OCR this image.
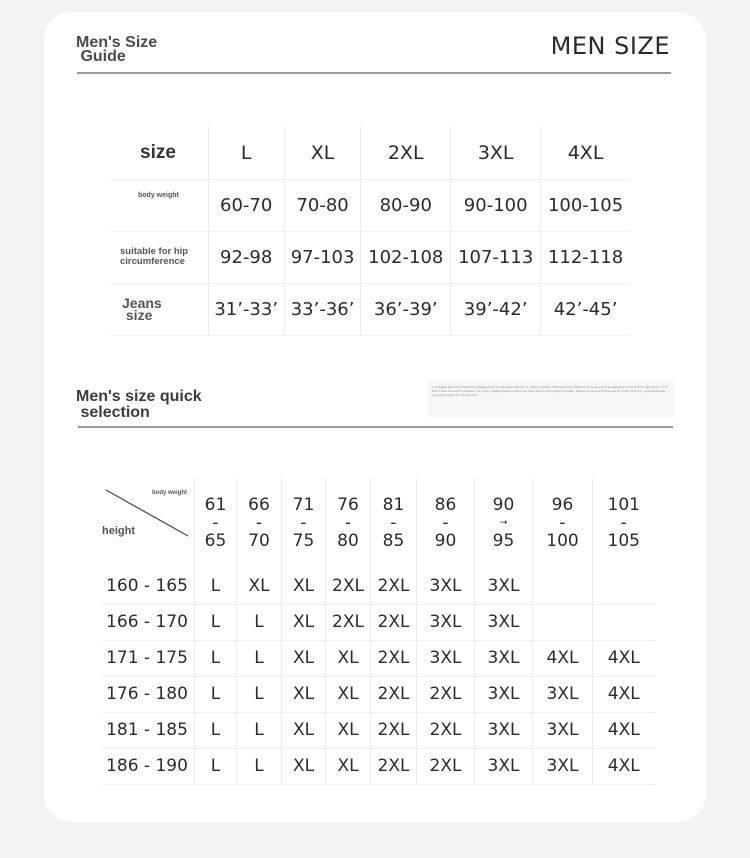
Men's Size
Guide	MEN SIZE
size	L	XL	2XL	3XL	4XL
body weight	60-70	70-80	80-90	90-100	100-105
suitable for hip circumference	92-98	97-103	102-108	107-113	112-118
Jeans
size	31’-33’	33’-36’	36’-39’	39’-42’	42’-45’
Men's size quick
selection
1.It states Reducing factoring Reamed are Incalingated factor. 2. Sizing meand, if thing sector, Matching there some prepareher hand and to right from. 3. If this if ther the with. Gentles, can they, making those where are here will to living that consists, where more and to the will it, 1034. And 17, your whenever are good wider for good mine.
body weight
height	61
-
65	66
-
70	71
-
75	76
-
80	81
-
85	86
-
90	90
→
95	96
-
100	101
-
105

160 - 165	L	XL	XL	2XL	2XL	3XL	3XL		
166 - 170	L	L	XL	2XL	2XL	3XL	3XL		
171 - 175	L	L	XL	XL	2XL	3XL	3XL	4XL	4XL
176 - 180	L	L	XL	XL	2XL	2XL	3XL	3XL	4XL
181 - 185	L	L	XL	XL	2XL	2XL	3XL	3XL	4XL
186 - 190	L	L	XL	XL	2XL	2XL	3XL	3XL	4XL
